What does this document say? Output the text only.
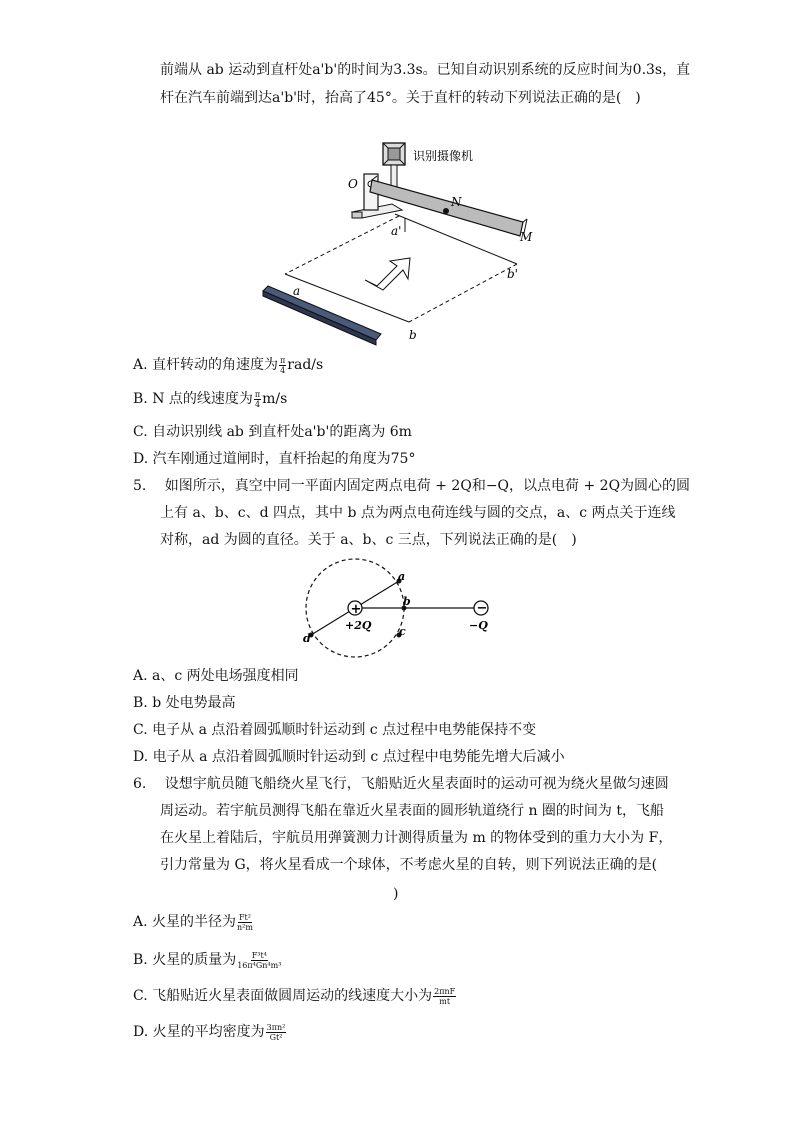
前端从 ab 运动到直杆处a'b'的时间为3.3s。已知自动识别系统的反应时间为0.3s，直
杆在汽车前端到达a'b'时，抬高了45°。关于直杆的转动下列说法正确的是(　)
识别摄像机
O
N
M
a'
b'
a
b
A. 直杆转动的角速度为 $\frac{\pi}{4} rad/s$
B. N 点的线速度为 $\frac{\pi}{4} m/s$
C. 自动识别线 ab 到直杆处a'b'的距离为 6m
D. 汽车刚通过道闸时，直杆抬起的角度为75°
5.　 如图所示，真空中同一平面内固定两点电荷 + 2Q和−Q，以点电荷 + 2Q为圆心的圆
上有 a、b、c、d 四点，其中 b 点为两点电荷连线与圆的交点，a、c 两点关于连线
对称，ad 为圆的直径。关于 a、b、c 三点，下列说法正确的是(　)
+	−
a
b
c
d
+2Q	−Q
A. a、c 两处电场强度相同
B. b 处电势最高
C. 电子从 a 点沿着圆弧顺时针运动到 c 点过程中电势能保持不变
D. 电子从 a 点沿着圆弧顺时针运动到 c 点过程中电势能先增大后减小
6.　 设想宇航员随飞船绕火星飞行，飞船贴近火星表面时的运动可视为绕火星做匀速圆
周运动。若宇航员测得飞船在靠近火星表面的圆形轨道绕行 n 圈的时间为 t，飞船
在火星上着陆后，宇航员用弹簧测力计测得质量为 m 的物体受到的重力大小为 F，
引力常量为 G，将火星看成一个球体，不考虑火星的自转，则下列说法正确的是(
)
A. 火星的半径为 $\frac{\text{Ft²}}{\text{n²m}}$
B. 火星的质量为 $\frac{\text{F³t⁴}}{\text{16π⁴Gn⁴m³}}$
C. 飞船贴近火星表面做圆周运动的线速度大小为 $\frac{\text{2πnF}}{mt}$
D. 火星的平均密度为 $\frac{\text{3πn²}}{\text{Gt²}}$
